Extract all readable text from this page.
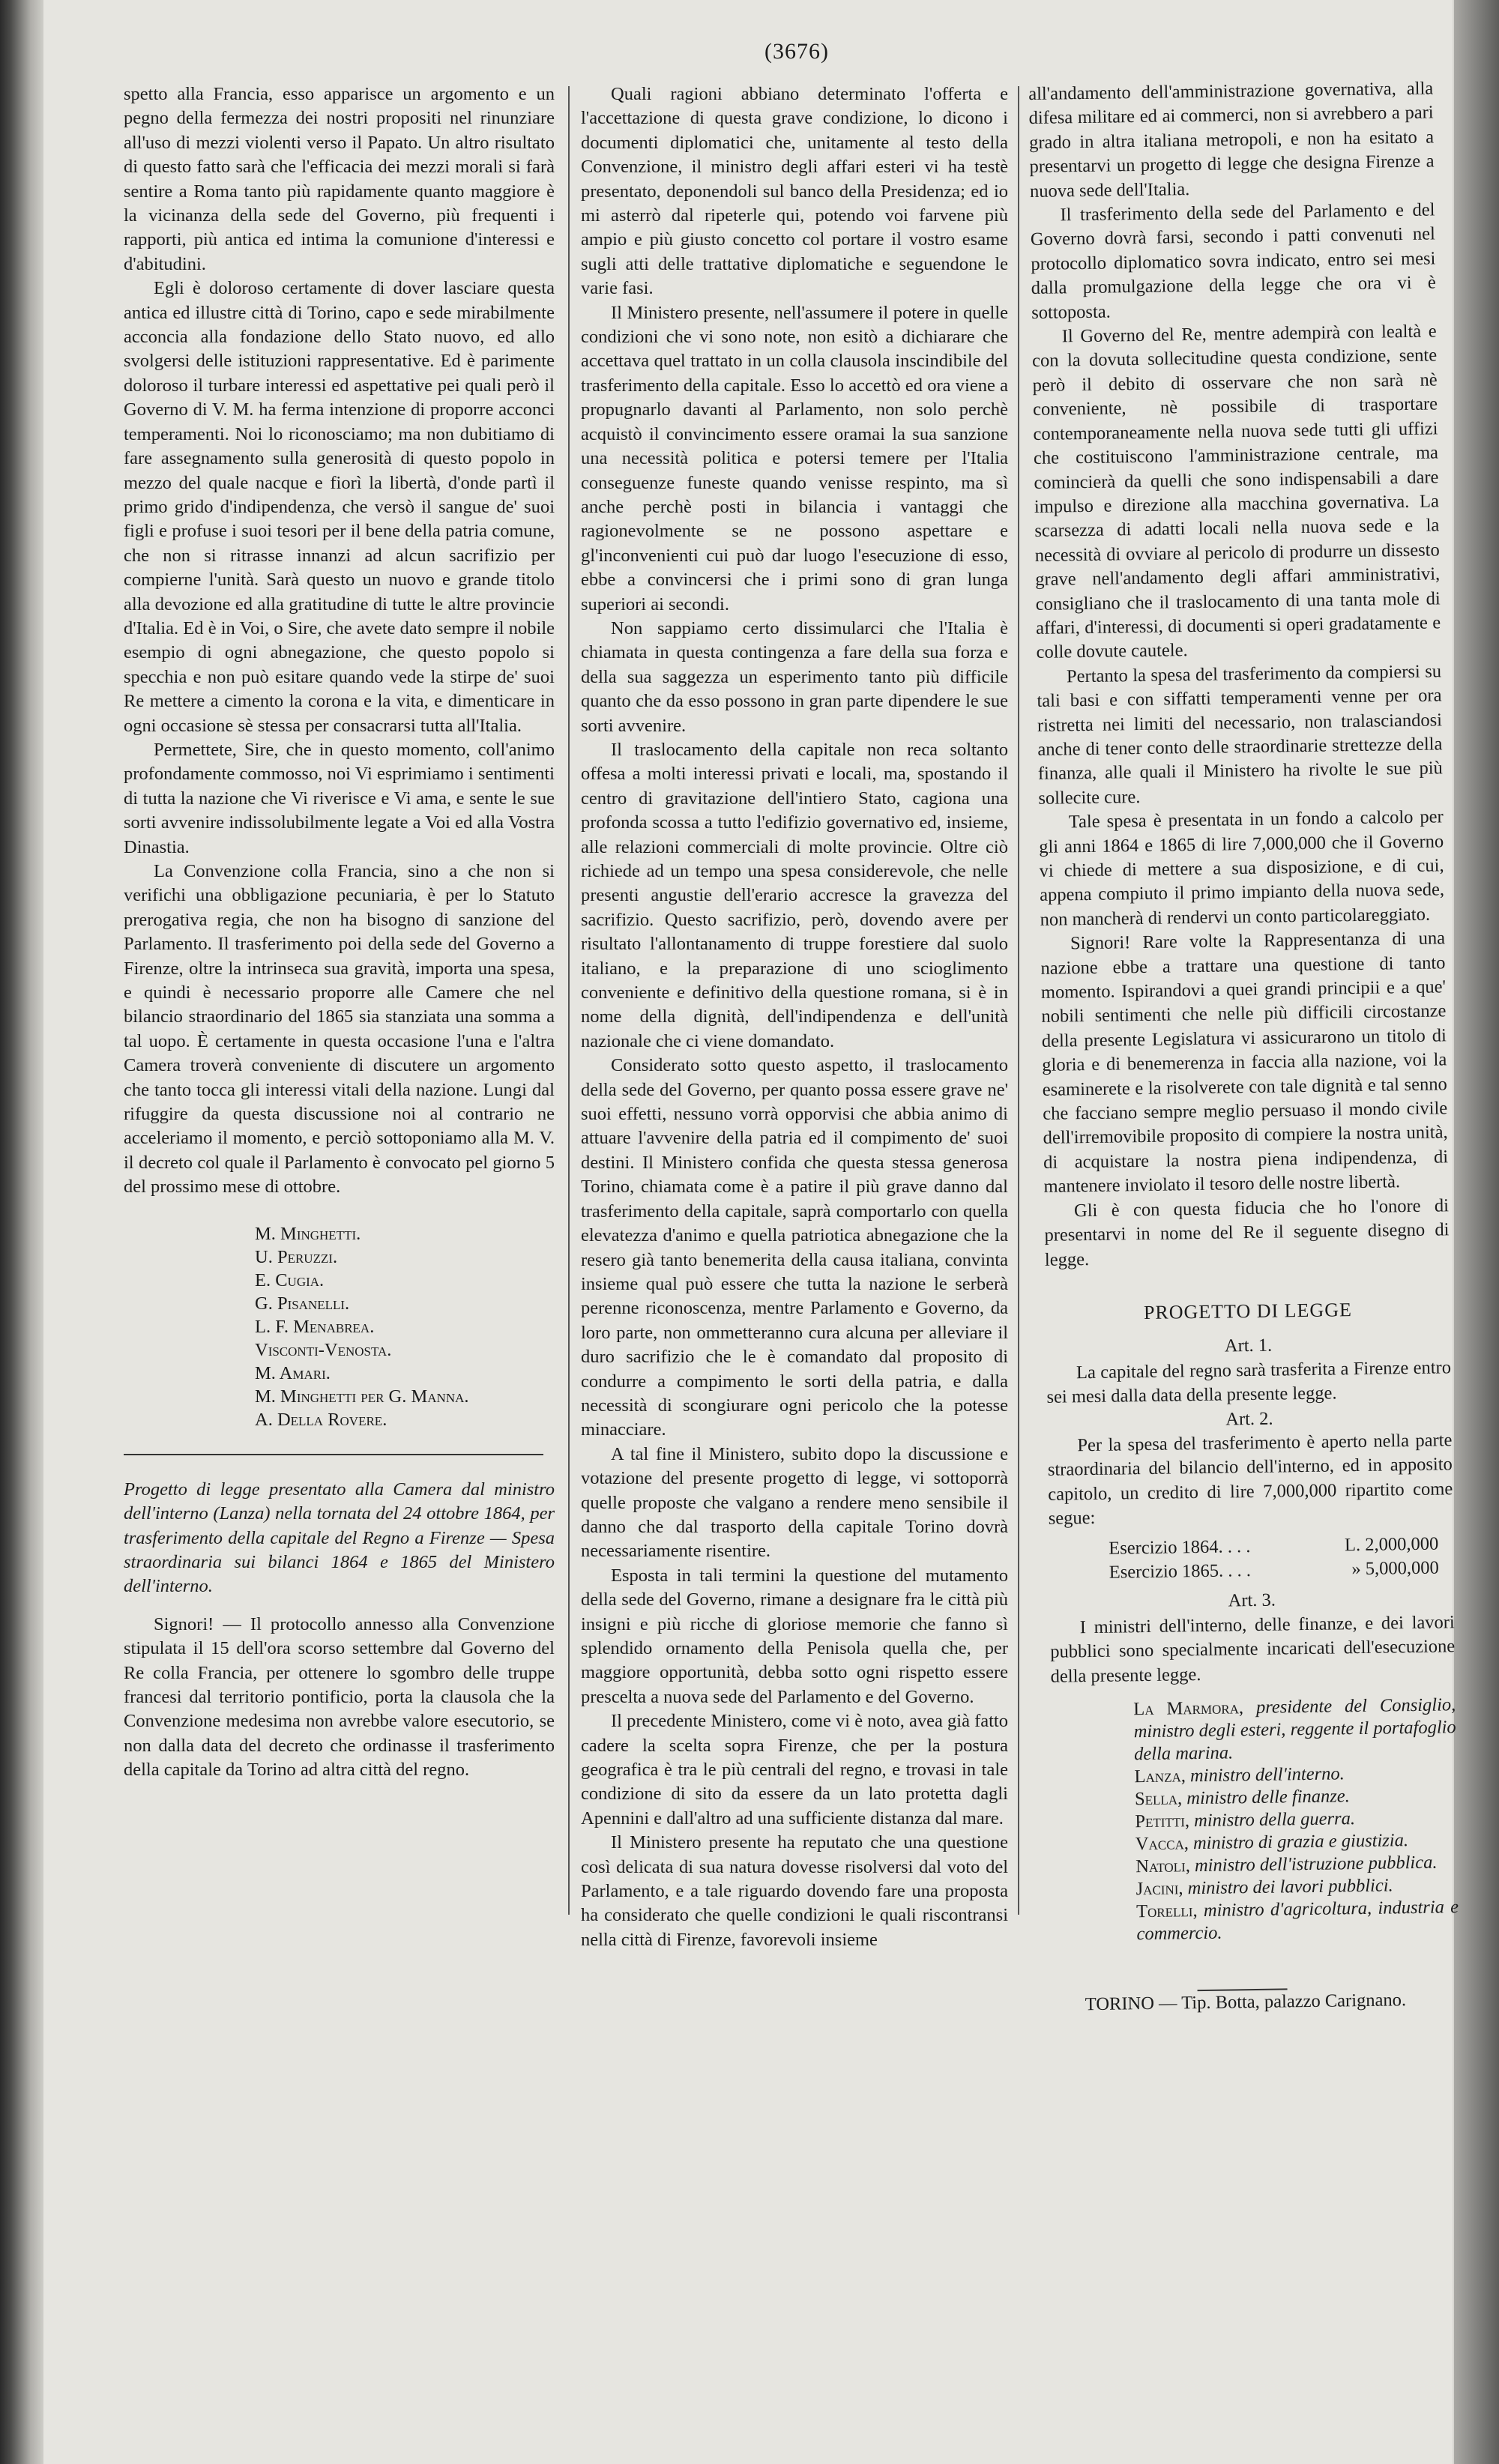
(3676)

spetto alla Francia, esso apparisce un argomento e un pegno della fermezza dei nostri propositi nel rinunziare all'uso di mezzi violenti verso il Papato. Un altro risultato di questo fatto sarà che l'efficacia dei mezzi morali si farà sentire a Roma tanto più rapidamente quanto maggiore è la vicinanza della sede del Governo, più frequenti i rapporti, più antica ed intima la comunione d'interessi e d'abitudini.

Egli è doloroso certamente di dover lasciare questa antica ed illustre città di Torino, capo e sede mirabilmente acconcia alla fondazione dello Stato nuovo, ed allo svolgersi delle istituzioni rappresentative. Ed è parimente doloroso il turbare interessi ed aspettative pei quali però il Governo di V. M. ha ferma intenzione di proporre acconci temperamenti. Noi lo riconosciamo; ma non dubitiamo di fare assegnamento sulla generosità di questo popolo in mezzo del quale nacque e fiorì la libertà, d'onde partì il primo grido d'indipendenza, che versò il sangue de' suoi figli e profuse i suoi tesori per il bene della patria comune, che non si ritrasse innanzi ad alcun sacrifizio per compierne l'unità. Sarà questo un nuovo e grande titolo alla devozione ed alla gratitudine di tutte le altre provincie d'Italia. Ed è in Voi, o Sire, che avete dato sempre il nobile esempio di ogni abnegazione, che questo popolo si specchia e non può esitare quando vede la stirpe de' suoi Re mettere a cimento la corona e la vita, e dimenticare in ogni occasione sè stessa per consacrarsi tutta all'Italia.

Permettete, Sire, che in questo momento, coll'animo profondamente commosso, noi Vi esprimiamo i sentimenti di tutta la nazione che Vi riverisce e Vi ama, e sente le sue sorti avvenire indissolubilmente legate a Voi ed alla Vostra Dinastia.

La Convenzione colla Francia, sino a che non si verifichi una obbligazione pecuniaria, è per lo Statuto prerogativa regia, che non ha bisogno di sanzione del Parlamento. Il trasferimento poi della sede del Governo a Firenze, oltre la intrinseca sua gravità, importa una spesa, e quindi è necessario proporre alle Camere che nel bilancio straordinario del 1865 sia stanziata una somma a tal uopo. È certamente in questa occasione l'una e l'altra Camera troverà conveniente di discutere un argomento che tanto tocca gli interessi vitali della nazione. Lungi dal rifuggire da questa discussione noi al contrario ne acceleriamo il momento, e perciò sottoponiamo alla M. V. il decreto col quale il Parlamento è convocato pel giorno 5 del prossimo mese di ottobre.

M. Minghetti.
U. Peruzzi.
E. Cugia.
G. Pisanelli.
L. F. Menabrea.
Visconti-Venosta.
M. Amari.
M. Minghetti per G. Manna.
A. Della Rovere.

Progetto di legge presentato alla Camera dal ministro dell'interno (Lanza) nella tornata del 24 ottobre 1864, per trasferimento della capitale del Regno a Firenze — Spesa straordinaria sui bilanci 1864 e 1865 del Ministero dell'interno.

Signori! — Il protocollo annesso alla Convenzione stipulata il 15 dell'ora scorso settembre dal Governo del Re colla Francia, per ottenere lo sgombro delle truppe francesi dal territorio pontificio, porta la clausola che la Convenzione medesima non avrebbe valore esecutorio, se non dalla data del decreto che ordinasse il trasferimento della capitale da Torino ad altra città del regno.

Quali ragioni abbiano determinato l'offerta e l'accettazione di questa grave condizione, lo dicono i documenti diplomatici che, unitamente al testo della Convenzione, il ministro degli affari esteri vi ha testè presentato, deponendoli sul banco della Presidenza; ed io mi asterrò dal ripeterle qui, potendo voi farvene più ampio e più giusto concetto col portare il vostro esame sugli atti delle trattative diplomatiche e seguendone le varie fasi.

Il Ministero presente, nell'assumere il potere in quelle condizioni che vi sono note, non esitò a dichiarare che accettava quel trattato in un colla clausola inscindibile del trasferimento della capitale. Esso lo accettò ed ora viene a propugnarlo davanti al Parlamento, non solo perchè acquistò il convincimento essere oramai la sua sanzione una necessità politica e potersi temere per l'Italia conseguenze funeste quando venisse respinto, ma sì anche perchè posti in bilancia i vantaggi che ragionevolmente se ne possono aspettare e gl'inconvenienti cui può dar luogo l'esecuzione di esso, ebbe a convincersi che i primi sono di gran lunga superiori ai secondi.

Non sappiamo certo dissimularci che l'Italia è chiamata in questa contingenza a fare della sua forza e della sua saggezza un esperimento tanto più difficile quanto che da esso possono in gran parte dipendere le sue sorti avvenire.

Il traslocamento della capitale non reca soltanto offesa a molti interessi privati e locali, ma, spostando il centro di gravitazione dell'intiero Stato, cagiona una profonda scossa a tutto l'edifizio governativo ed, insieme, alle relazioni commerciali di molte provincie. Oltre ciò richiede ad un tempo una spesa considerevole, che nelle presenti angustie dell'erario accresce la gravezza del sacrifizio. Questo sacrifizio, però, dovendo avere per risultato l'allontanamento di truppe forestiere dal suolo italiano, e la preparazione di uno scioglimento conveniente e definitivo della questione romana, si è in nome della dignità, dell'indipendenza e dell'unità nazionale che ci viene domandato.

Considerato sotto questo aspetto, il traslocamento della sede del Governo, per quanto possa essere grave ne' suoi effetti, nessuno vorrà opporvisi che abbia animo di attuare l'avvenire della patria ed il compimento de' suoi destini. Il Ministero confida che questa stessa generosa Torino, chiamata come è a patire il più grave danno dal trasferimento della capitale, saprà comportarlo con quella elevatezza d'animo e quella patriotica abnegazione che la resero già tanto benemerita della causa italiana, convinta insieme qual può essere che tutta la nazione le serberà perenne riconoscenza, mentre Parlamento e Governo, da loro parte, non ommetteranno cura alcuna per alleviare il duro sacrifizio che le è comandato dal proposito di condurre a compimento le sorti della patria, e dalla necessità di scongiurare ogni pericolo che la potesse minacciare.

A tal fine il Ministero, subito dopo la discussione e votazione del presente progetto di legge, vi sottoporrà quelle proposte che valgano a rendere meno sensibile il danno che dal trasporto della capitale Torino dovrà necessariamente risentire.

Esposta in tali termini la questione del mutamento della sede del Governo, rimane a designare fra le città più insigni e più ricche di gloriose memorie che fanno sì splendido ornamento della Penisola quella che, per maggiore opportunità, debba sotto ogni rispetto essere prescelta a nuova sede del Parlamento e del Governo.

Il precedente Ministero, come vi è noto, avea già fatto cadere la scelta sopra Firenze, che per la postura geografica è tra le più centrali del regno, e trovasi in tale condizione di sito da essere da un lato protetta dagli Apennini e dall'altro ad una sufficiente distanza dal mare.

Il Ministero presente ha reputato che una questione così delicata di sua natura dovesse risolversi dal voto del Parlamento, e a tale riguardo dovendo fare una proposta ha considerato che quelle condizioni le quali riscontransi nella città di Firenze, favorevoli insieme

all'andamento dell'amministrazione governativa, alla difesa militare ed ai commerci, non si avrebbero a pari grado in altra italiana metropoli, e non ha esitato a presentarvi un progetto di legge che designa Firenze a nuova sede dell'Italia.

Il trasferimento della sede del Parlamento e del Governo dovrà farsi, secondo i patti convenuti nel protocollo diplomatico sovra indicato, entro sei mesi dalla promulgazione della legge che ora vi è sottoposta.

Il Governo del Re, mentre adempirà con lealtà e con la dovuta sollecitudine questa condizione, sente però il debito di osservare che non sarà nè conveniente, nè possibile di trasportare contemporaneamente nella nuova sede tutti gli uffizi che costituiscono l'amministrazione centrale, ma comincierà da quelli che sono indispensabili a dare impulso e direzione alla macchina governativa. La scarsezza di adatti locali nella nuova sede e la necessità di ovviare al pericolo di produrre un dissesto grave nell'andamento degli affari amministrativi, consigliano che il traslocamento di una tanta mole di affari, d'interessi, di documenti si operi gradatamente e colle dovute cautele.

Pertanto la spesa del trasferimento da compiersi su tali basi e con siffatti temperamenti venne per ora ristretta nei limiti del necessario, non tralasciandosi anche di tener conto delle straordinarie strettezze della finanza, alle quali il Ministero ha rivolte le sue più sollecite cure.

Tale spesa è presentata in un fondo a calcolo per gli anni 1864 e 1865 di lire 7,000,000 che il Governo vi chiede di mettere a sua disposizione, e di cui, appena compiuto il primo impianto della nuova sede, non mancherà di rendervi un conto particolareggiato.

Signori! Rare volte la Rappresentanza di una nazione ebbe a trattare una questione di tanto momento. Ispirandovi a quei grandi principii e a que' nobili sentimenti che nelle più difficili circostanze della presente Legislatura vi assicurarono un titolo di gloria e di benemerenza in faccia alla nazione, voi la esaminerete e la risolverete con tale dignità e tal senno che facciano sempre meglio persuaso il mondo civile dell'irremovibile proposito di compiere la nostra unità, di acquistare la nostra piena indipendenza, di mantenere inviolato il tesoro delle nostre libertà.

Gli è con questa fiducia che ho l'onore di presentarvi in nome del Re il seguente disegno di legge.

PROGETTO DI LEGGE
Art. 1.

La capitale del regno sarà trasferita a Firenze entro sei mesi dalla data della presente legge.

Art. 2.

Per la spesa del trasferimento è aperto nella parte straordinaria del bilancio dell'interno, ed in apposito capitolo, un credito di lire 7,000,000 ripartito come segue:

Esercizio 1864. . . .	L. 2,000,000
Esercizio 1865. . . .	» 5,000,000
Art. 3.

I ministri dell'interno, delle finanze, e dei lavori pubblici sono specialmente incaricati dell'esecuzione della presente legge.

La Marmora, presidente del Consiglio, ministro degli esteri, reggente il portafoglio della marina.
Lanza, ministro dell'interno.
Sella, ministro delle finanze.
Petitti, ministro della guerra.
Vacca, ministro di grazia e giustizia.
Natoli, ministro dell'istruzione pubblica.
Jacini, ministro dei lavori pubblici.
Torelli, ministro d'agricoltura, industria e commercio.

TORINO — Tip. Botta, palazzo Carignano.
